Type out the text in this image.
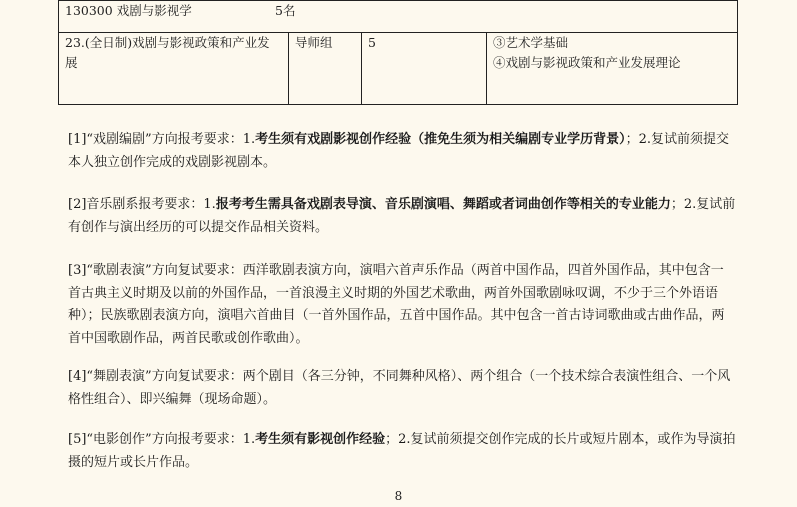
130300 戏剧与影视学	5名
23.(全日制)戏剧与影视政策和产业发展	导师组	5	③艺术学基础
④戏剧与影视政策和产业发展理论

[1]“戏剧编剧”方向报考要求：1.考生须有戏剧影视创作经验（推免生须为相关编剧专业学历背景）；2.复试前须提交本人独立创作完成的戏剧影视剧本。

[2]音乐剧系报考要求：1.报考考生需具备戏剧表导演、音乐剧演唱、舞蹈或者词曲创作等相关的专业能力；2.复试前有创作与演出经历的可以提交作品相关资料。

[3]“歌剧表演”方向复试要求：西洋歌剧表演方向，演唱六首声乐作品（两首中国作品，四首外国作品，其中包含一首古典主义时期及以前的外国作品，一首浪漫主义时期的外国艺术歌曲，两首外国歌剧咏叹调，不少于三个外语语种）；民族歌剧表演方向，演唱六首曲目（一首外国作品，五首中国作品。其中包含一首古诗词歌曲或古曲作品，两首中国歌剧作品，两首民歌或创作歌曲）。

[4]“舞剧表演”方向复试要求：两个剧目（各三分钟，不同舞种风格）、两个组合（一个技术综合表演性组合、一个风格性组合）、即兴编舞（现场命题）。

[5]“电影创作”方向报考要求：1.考生须有影视创作经验；2.复试前须提交创作完成的长片或短片剧本，或作为导演拍摄的短片或长片作品。

8
